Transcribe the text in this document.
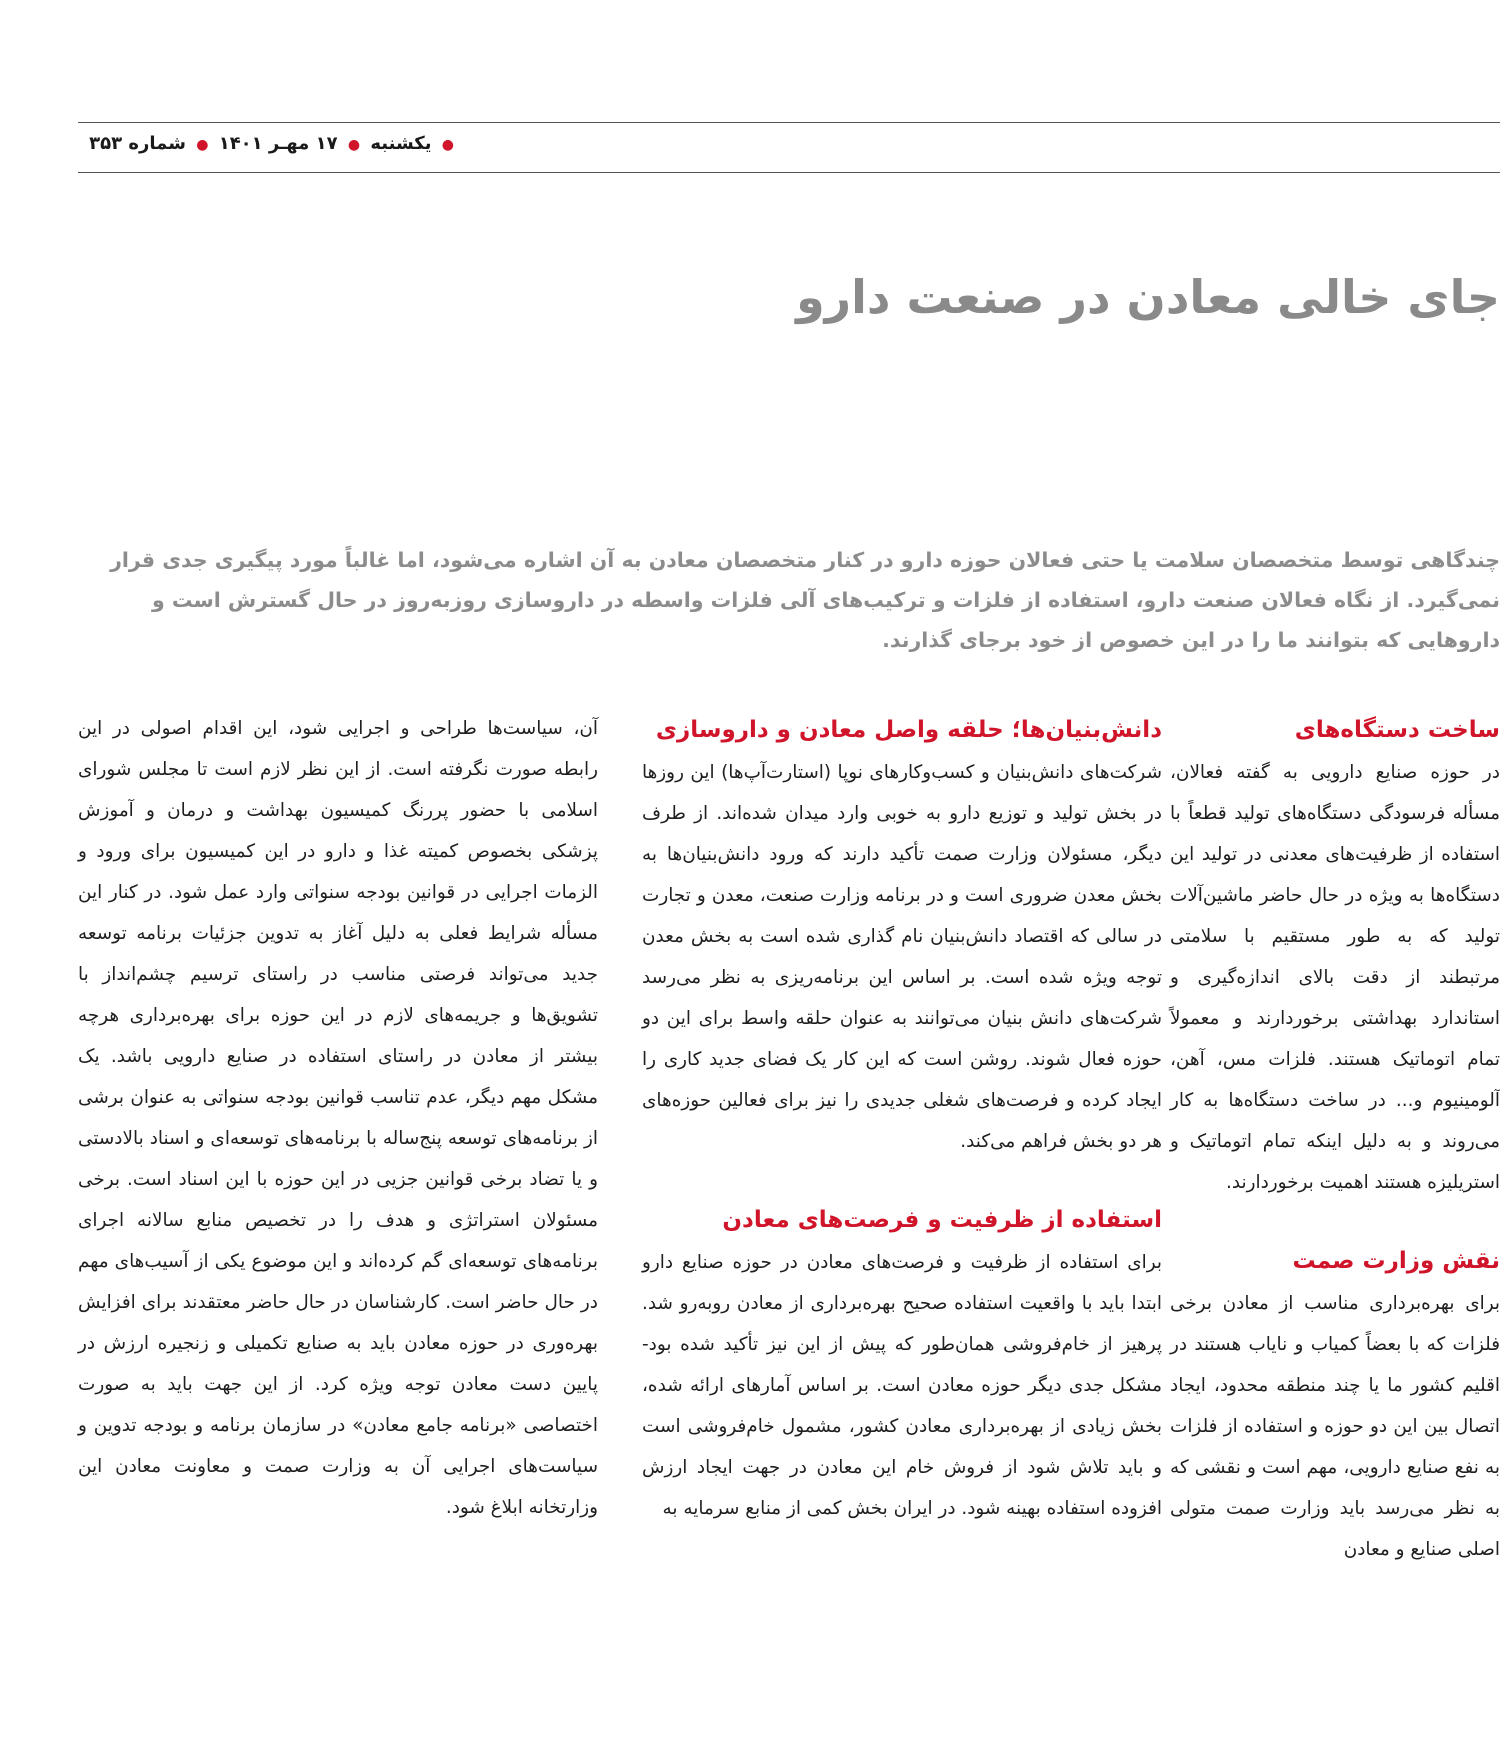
● یکشنبه ● ۱۷ مهـر ۱۴۰۱ ● شماره ۳۵۳
جای خالی معادن در صنعت دارو
چندگاهی توسط متخصصان سلامت یا حتی فعالان حوزه دارو در کنار متخصصان معادن به آن اشاره می‌شود، اما غالباً مورد پیگیری جدی قرار نمی‌گیرد. از نگاه فعالان صنعت دارو، استفاده از فلزات و ترکیب‌های آلی فلزات واسطه در داروسازی روزبه‌روز در حال گسترش است و داروهایی که بتوانند ما را در این خصوص از خود برجای گذارند.
ساخت دستگاه‌های

در حوزه صنایع دارویی به گفته فعالان، مسأله فرسودگی دستگاه‌های تولید قطعاً با استفاده از ظرفیت‌های معدنی در تولید این دستگاه‌ها به ویژه در حال حاضر ماشین‌آلات تولید که به طور مستقیم با سلامتی مرتبطند از دقت بالای اندازه‌گیری و استاندارد بهداشتی برخوردارند و معمولاً تمام اتوماتیک هستند. فلزات مس، آهن، آلومینیوم و... در ساخت دستگاه‌ها به کار می‌روند و به دلیل اینکه تمام اتوماتیک و استریلیزه هستند اهمیت برخوردارند.

نقش وزارت صمت

برای بهره‌برداری مناسب از معادن برخی فلزات که با بعضاً کمیاب و نایاب هستند در اقلیم کشور ما یا چند منطقه محدود، ایجاد اتصال بین این دو حوزه و استفاده از فلزات به نفع صنایع دارویی، مهم است و نقشی که به نظر می‌رسد باید وزارت صمت متولی اصلی صنایع و معادن

دانش‌بنیان‌ها؛ حلقه واصل معادن و داروسازی

شرکت‌های دانش‌بنیان و کسب‌وکارهای نوپا (استارت‌آپ‌ها) این روزها در بخش تولید و توزیع دارو به خوبی وارد میدان شده‌اند. از طرف دیگر، مسئولان وزارت صمت تأکید دارند که ورود دانش‌بنیان‌ها به بخش معدن ضروری است و در برنامه وزارت صنعت، معدن و تجارت در سالی که اقتصاد دانش‌بنیان نام گذاری شده است به بخش معدن توجه ویژه شده است. بر اساس این برنامه‌ریزی به نظر می‌رسد شرکت‌های دانش بنیان می‌توانند به عنوان حلقه واسط برای این دو حوزه فعال شوند. روشن است که این کار یک فضای جدید کاری را ایجاد کرده و فرصت‌های شغلی جدیدی را نیز برای فعالین حوزه‌های هر دو بخش فراهم می‌کند.

استفاده از ظرفیت و فرصت‌های معادن

برای استفاده از ظرفیت و فرصت‌های معادن در حوزه صنایع دارو ابتدا باید با واقعیت استفاده صحیح بهره‌برداری از معادن روبه‌رو شد. پرهیز از خام‌فروشی همان‌طور که پیش از این نیز تأکید شده بود- مشکل جدی دیگر حوزه معادن است. بر اساس آمارهای ارائه شده، بخش زیادی از بهره‌برداری معادن کشور، مشمول خام‌فروشی است و باید تلاش شود از فروش خام این معادن در جهت ایجاد ارزش افزوده استفاده بهینه شود. در ایران بخش کمی از منابع سرمایه به

آن، سیاست‌ها طراحی و اجرایی شود، این اقدام اصولی در این رابطه صورت نگرفته است. از این نظر لازم است تا مجلس شورای اسلامی با حضور پررنگ کمیسیون بهداشت و درمان و آموزش پزشکی بخصوص کمیته غذا و دارو در این کمیسیون برای ورود و الزمات اجرایی در قوانین بودجه سنواتی وارد عمل شود. در کنار این مسأله شرایط فعلی به دلیل آغاز به تدوین جزئیات برنامه توسعه جدید می‌تواند فرصتی مناسب در راستای ترسیم چشم‌انداز با تشویق‌ها و جریمه‌های لازم در این حوزه برای بهره‌برداری هرچه بیشتر از معادن در راستای استفاده در صنایع دارویی باشد. یک مشکل مهم دیگر، عدم تناسب قوانین بودجه سنواتی به عنوان برشی از برنامه‌های توسعه پنج‌ساله با برنامه‌های توسعه‌ای و اسناد بالادستی و یا تضاد برخی قوانین جزیی در این حوزه با این اسناد است. برخی مسئولان استراتژی و هدف را در تخصیص منابع سالانه اجرای برنامه‌های توسعه‌ای گم کرده‌اند و این موضوع یکی از آسیب‌های مهم در حال حاضر است. کارشناسان در حال حاضر معتقدند برای افزایش بهره‌وری در حوزه معادن باید به صنایع تکمیلی و زنجیره ارزش در پایین دست معادن توجه ویژه کرد. از این جهت باید به صورت اختصاصی «برنامه جامع معادن» در سازمان برنامه و بودجه تدوین و سیاست‌های اجرایی آن به وزارت صمت و معاونت معادن این وزارتخانه ابلاغ شود.
